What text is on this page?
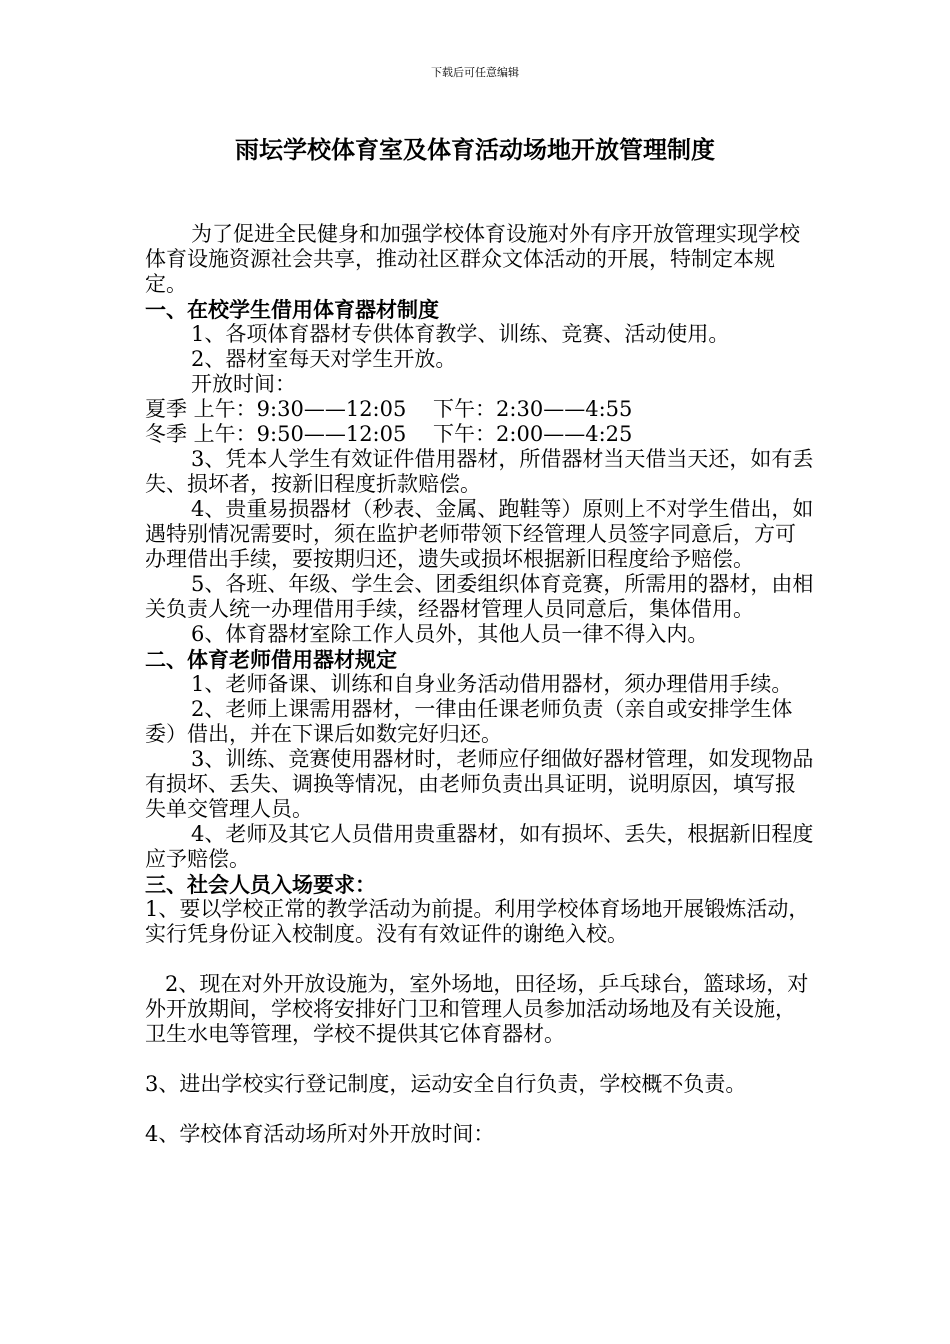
下载后可任意编辑
雨坛学校体育室及体育活动场地开放管理制度

为了促进全民健身和加强学校体育设施对外有序开放管理实现学校体育设施资源社会共享，推动社区群众文体活动的开展，特制定本规定。

一、在校学生借用体育器材制度

1、各项体育器材专供体育教学、训练、竞赛、活动使用。

2、器材室每天对学生开放。

开放时间：

夏季 上午：9:30——12:05    下午：2:30——4:55

冬季 上午：9:50——12:05    下午：2:00——4:25

3、凭本人学生有效证件借用器材，所借器材当天借当天还，如有丢失、损坏者，按新旧程度折款赔偿。

4、贵重易损器材（秒表、金属、跑鞋等）原则上不对学生借出，如遇特别情况需要时，须在监护老师带领下经管理人员签字同意后，方可办理借出手续，要按期归还，遗失或损坏根据新旧程度给予赔偿。

5、各班、年级、学生会、团委组织体育竞赛，所需用的器材，由相关负责人统一办理借用手续，经器材管理人员同意后，集体借用。

6、体育器材室除工作人员外，其他人员一律不得入内。

二、体育老师借用器材规定

1、老师备课、训练和自身业务活动借用器材，须办理借用手续。

2、老师上课需用器材，一律由任课老师负责（亲自或安排学生体委）借出，并在下课后如数完好归还。

3、训练、竞赛使用器材时，老师应仔细做好器材管理，如发现物品有损坏、丢失、调换等情况，由老师负责出具证明，说明原因，填写报失单交管理人员。

4、老师及其它人员借用贵重器材，如有损坏、丢失，根据新旧程度应予赔偿。

三、社会人员入场要求：

1、要以学校正常的教学活动为前提。利用学校体育场地开展锻炼活动，实行凭身份证入校制度。没有有效证件的谢绝入校。

2、现在对外开放设施为，室外场地，田径场，乒乓球台，篮球场，对外开放期间，学校将安排好门卫和管理人员参加活动场地及有关设施，卫生水电等管理，学校不提供其它体育器材。

3、进出学校实行登记制度，运动安全自行负责，学校概不负责。

4、学校体育活动场所对外开放时间：
